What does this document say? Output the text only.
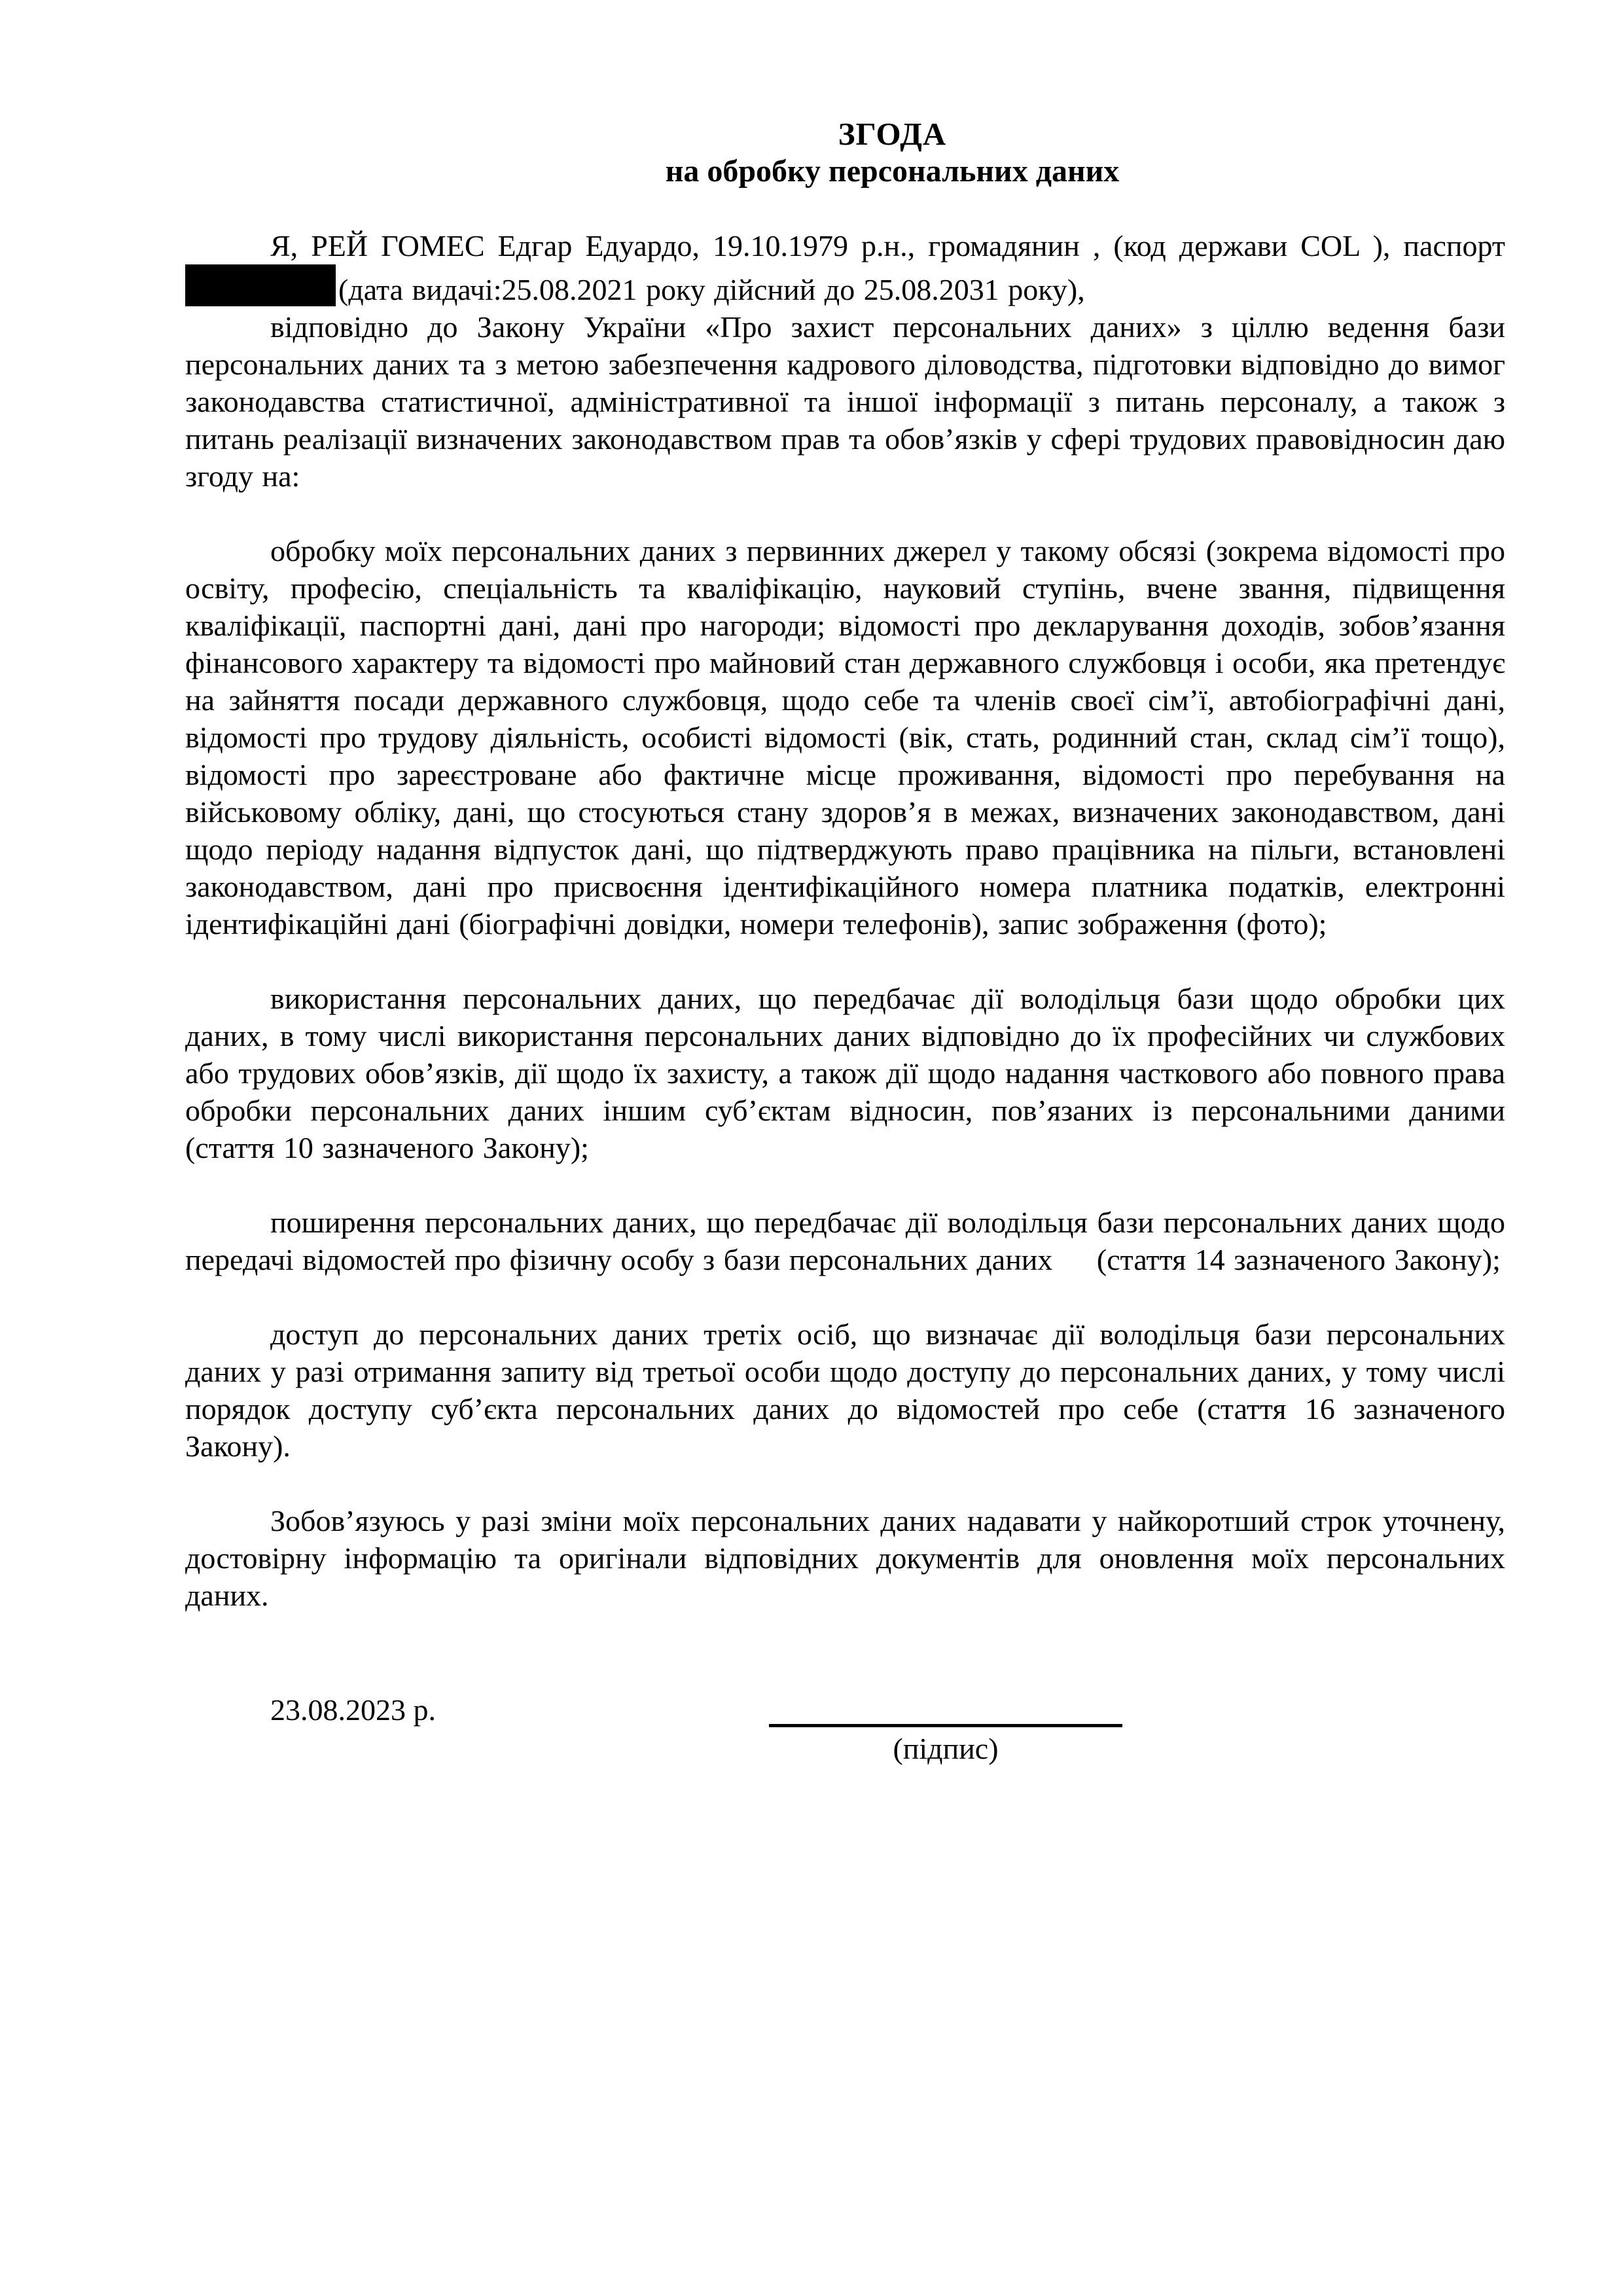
ЗГОДА
на обробку персональних даних

Я, РЕЙ ГОМЕС Едгар Едуардо, 19.10.1979 р.н., громадянин , (код держави COL ), паспорт (дата видачі:25.08.2021 року дійсний до 25.08.2031 року),

відповідно до Закону України «Про захист персональних даних» з ціллю ведення бази персональних даних та з метою забезпечення кадрового діловодства, підготовки відповідно до вимог законодавства статистичної, адміністративної та іншої інформації з питань персоналу, а також з питань реалізації визначених законодавством прав та обов’язків у сфері трудових правовідносин даю згоду на:

обробку моїх персональних даних з первинних джерел у такому обсязі (зокрема відомості про освіту, професію, спеціальність та кваліфікацію, науковий ступінь, вчене звання, підвищення кваліфікації, паспортні дані, дані про нагороди; відомості про декларування доходів, зобов’язання фінансового характеру та відомості про майновий стан державного службовця і особи, яка претендує на зайняття посади державного службовця, щодо себе та членів своєї сім’ї, автобіографічні дані, відомості про трудову діяльність, особисті відомості (вік, стать, родинний стан, склад сім’ї тощо), відомості про зареєстроване або фактичне місце проживання, відомості про перебування на військовому обліку, дані, що стосуються стану здоров’я в межах, визначених законодавством, дані щодо періоду надання відпусток дані, що підтверджують право працівника на пільги, встановлені законодавством, дані про присвоєння ідентифікаційного номера платника податків, електронні ідентифікаційні дані (біографічні довідки, номери телефонів), запис зображення (фото);

використання персональних даних, що передбачає дії володільця бази щодо обробки цих даних, в тому числі використання персональних даних відповідно до їх професійних чи службових або трудових обов’язків, дії щодо їх захисту, а також дії щодо надання часткового або повного права обробки персональних даних іншим суб’єктам відносин, пов’язаних із персональними даними (стаття 10 зазначеного Закону);

поширення персональних даних, що передбачає дії володільця бази персональних даних щодо передачі відомостей про фізичну особу з бази персональних даних     (стаття 14 зазначеного Закону);

доступ до персональних даних третіх осіб, що визначає дії володільця бази персональних даних у разі отримання запиту від третьої особи щодо доступу до персональних даних, у тому числі порядок доступу суб’єкта персональних даних до відомостей про себе (стаття 16 зазначеного Закону).

Зобов’язуюсь у разі зміни моїх персональних даних надавати у найкоротший строк уточнену, достовірну інформацію та оригінали відповідних документів для оновлення моїх персональних даних.

23.08.2023 р.
(підпис)
